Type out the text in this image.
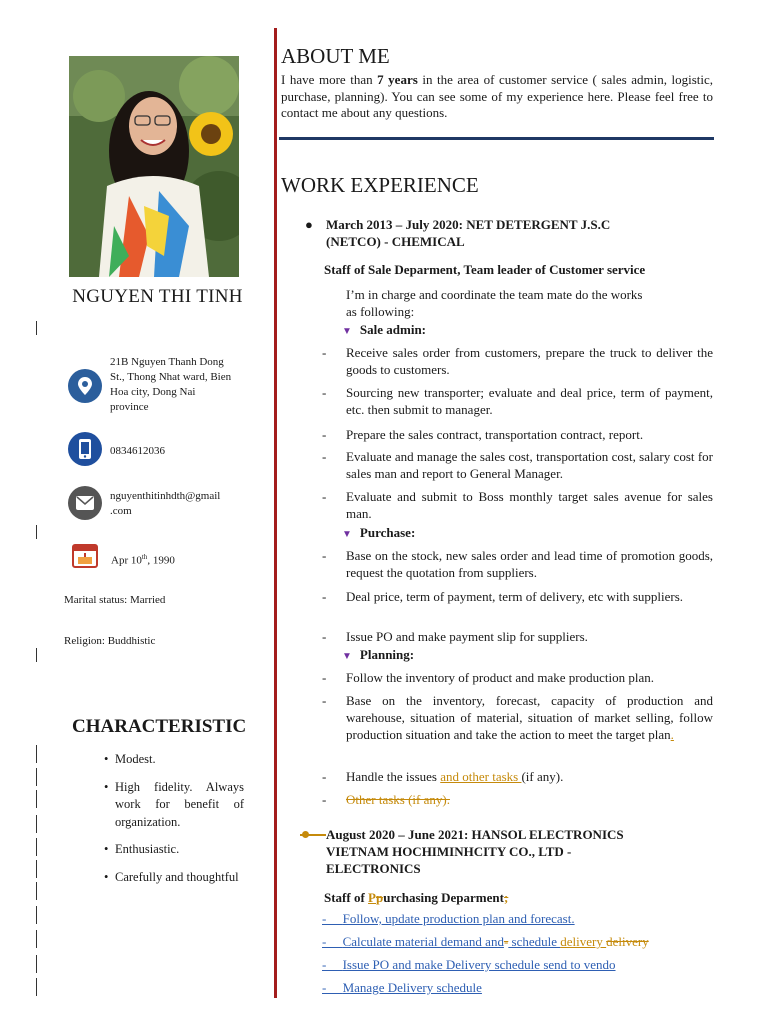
NGUYEN THI TINH
21B Nguyen Thanh Dong St., Thong Nhat ward, Bien Hoa city, Dong Nai province
0834612036
nguyenthitinhdth@gmail
.com
Apr 10th, 1990
Marital status: Married
Religion: Buddhistic
CHARACTERISTIC
• Modest.
• High fidelity. Always work for benefit of organization.
• Enthusiastic.
• Carefully and thoughtful
ABOUT ME
I have more than 7 years in the area of customer service ( sales admin, logistic, purchase, planning). You can see some of my experience here. Please feel free to contact me about any questions.
WORK EXPERIENCE
● March 2013 – July 2020: NET DETERGENT J.S.C
(NETCO) - CHEMICAL
Staff of Sale Deparment, Team leader of Customer service
I’m in charge and coordinate the team mate do the works
as following:
▼ Sale admin:
- Receive sales order from customers, prepare the truck to deliver the goods to customers.
- Sourcing new transporter; evaluate and deal price, term of payment, etc. then submit to manager.
- Prepare the sales contract, transportation contract, report.
- Evaluate and manage the sales cost, transportation cost, salary cost for sales man and report to General Manager.
- Evaluate and submit to Boss monthly target sales avenue for sales man.
▼ Purchase:
- Base on the stock, new sales order and lead time of promotion goods, request the quotation from suppliers.
- Deal price, term of payment, term of delivery, etc with suppliers.
- Issue PO and make payment slip for suppliers.
▼ Planning:
- Follow the inventory of product and make production plan.
- Base on the inventory, forecast, capacity of production and warehouse, situation of material, situation of market selling, follow production situation and take the action to meet the target plan.
- Handle the issues and other tasks (if any).
- Other tasks (if any).
August 2020 – June 2021: HANSOL ELECTRONICS
VIETNAM HOCHIMINHCITY CO., LTD -
ELECTRONICS
Staff of Ppurchasing Deparment;
-     Follow, update production plan and forecast.
-     Calculate material demand and- schedule delivery delivery
-     Issue PO and make Delivery schedule send to vendo
-     Manage Delivery schedule
